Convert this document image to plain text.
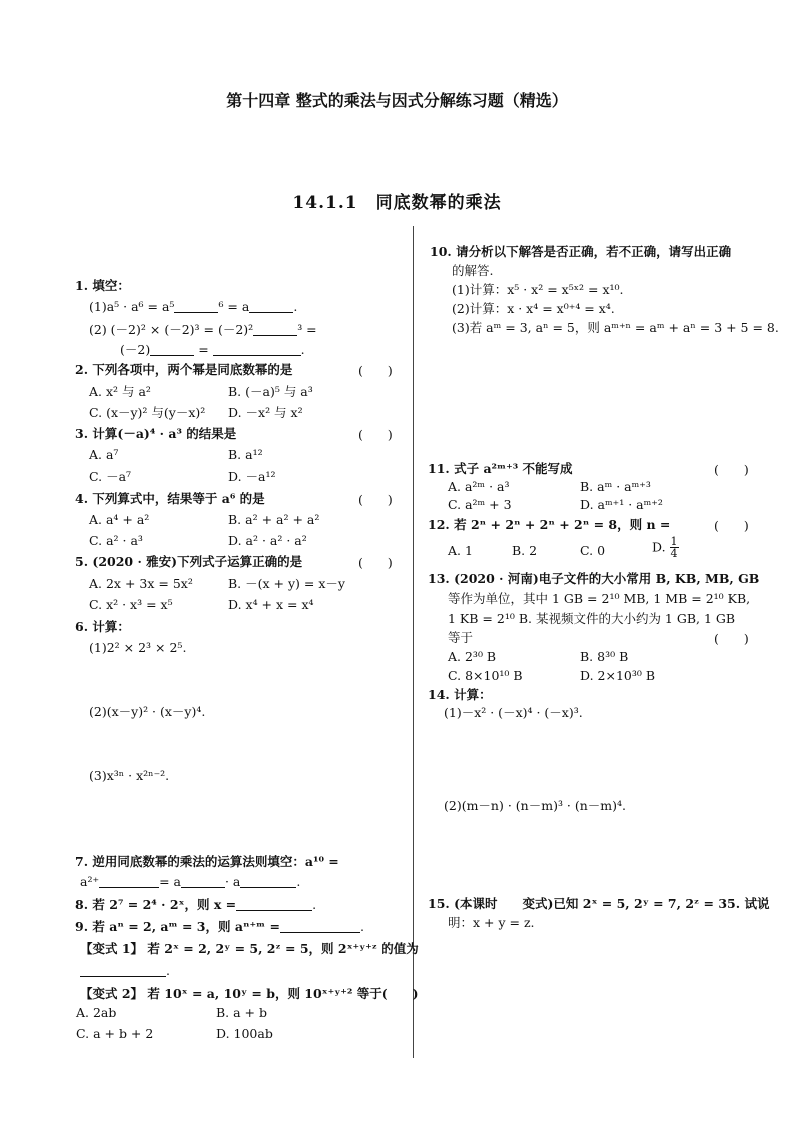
第十四章 整式的乘法与因式分解练习题（精选）
14.1.1　同底数幂的乘法
1. 填空：
(1)a⁵ · a⁶ = a⁵	⁶ = a	.
(2) (－2)² × (－2)³ = (－2)²	³ =
(－2)	=	.
2. 下列各项中，两个幂是同底数幂的是	(　　)
A. x² 与 a²	B. (－a)⁵ 与 a³
C. (x－y)² 与(y－x)² D. －x² 与 x²
3. 计算(－a)⁴ · a³ 的结果是	(　　)
A. a⁷	B. a¹²
C. －a⁷	D. －a¹²
4. 下列算式中，结果等于 a⁶ 的是	(　　)
A. a⁴ + a²	B. a² + a² + a²
C. a² · a³	D. a² · a² · a²
5. (2020 · 雅安)下列式子运算正确的是	(　　)
A. 2x + 3x = 5x²	B. －(x + y) = x－y
C. x² · x³ = x⁵	D. x⁴ + x = x⁴
6. 计算：
(1)2² × 2³ × 2⁵.
(2)(x－y)² · (x－y)⁴.
(3)x³ⁿ · x²ⁿ⁻².
7. 逆用同底数幂的乘法的运算法则填空：a¹⁰ =
a²⁺	= a	· a	.
8. 若 2⁷ = 2⁴ · 2ˣ，则 x =	.
9. 若 aⁿ = 2, aᵐ = 3，则 aⁿ⁺ᵐ =	.
【变式 1】 若 2ˣ = 2, 2ʸ = 5, 2ᶻ = 5，则 2ˣ⁺ʸ⁺ᶻ 的值为
.
【变式 2】 若 10ˣ = a, 10ʸ = b，则 10ˣ⁺ʸ⁺² 等于(　　)
A. 2ab	B. a + b
C. a + b + 2	D. 100ab
10. 请分析以下解答是否正确，若不正确，请写出正确
的解答.
(1)计算：x⁵ · x² = x⁵ˣ² = x¹⁰.
(2)计算：x · x⁴ = x⁰⁺⁴ = x⁴.
(3)若 aᵐ = 3, aⁿ = 5，则 aᵐ⁺ⁿ = aᵐ + aⁿ = 3 + 5 = 8.
11. 式子 a²ᵐ⁺³ 不能写成	(　　)
A. a²ᵐ · a³	B. aᵐ · aᵐ⁺³
C. a²ᵐ + 3	D. aᵐ⁺¹ · aᵐ⁺²
12. 若 2ⁿ + 2ⁿ + 2ⁿ + 2ⁿ = 8，则 n =	(　　)
A. 1	B. 2	C. 0	D. $\frac{1}{4}$
13. (2020 · 河南)电子文件的大小常用 B, KB, MB, GB
等作为单位，其中 1 GB = 2¹⁰ MB, 1 MB = 2¹⁰ KB,
1 KB = 2¹⁰ B. 某视频文件的大小约为 1 GB, 1 GB
等于	(　　)
A. 2³⁰ B	B. 8³⁰ B
C. 8×10¹⁰ B	D. 2×10³⁰ B
14. 计算：
(1)－x² · (－x)⁴ · (－x)³.
(2)(m－n) · (n－m)³ · (n－m)⁴.
15. (本课时　　变式)已知 2ˣ = 5, 2ʸ = 7, 2ᶻ = 35. 试说
明：x + y = z.
